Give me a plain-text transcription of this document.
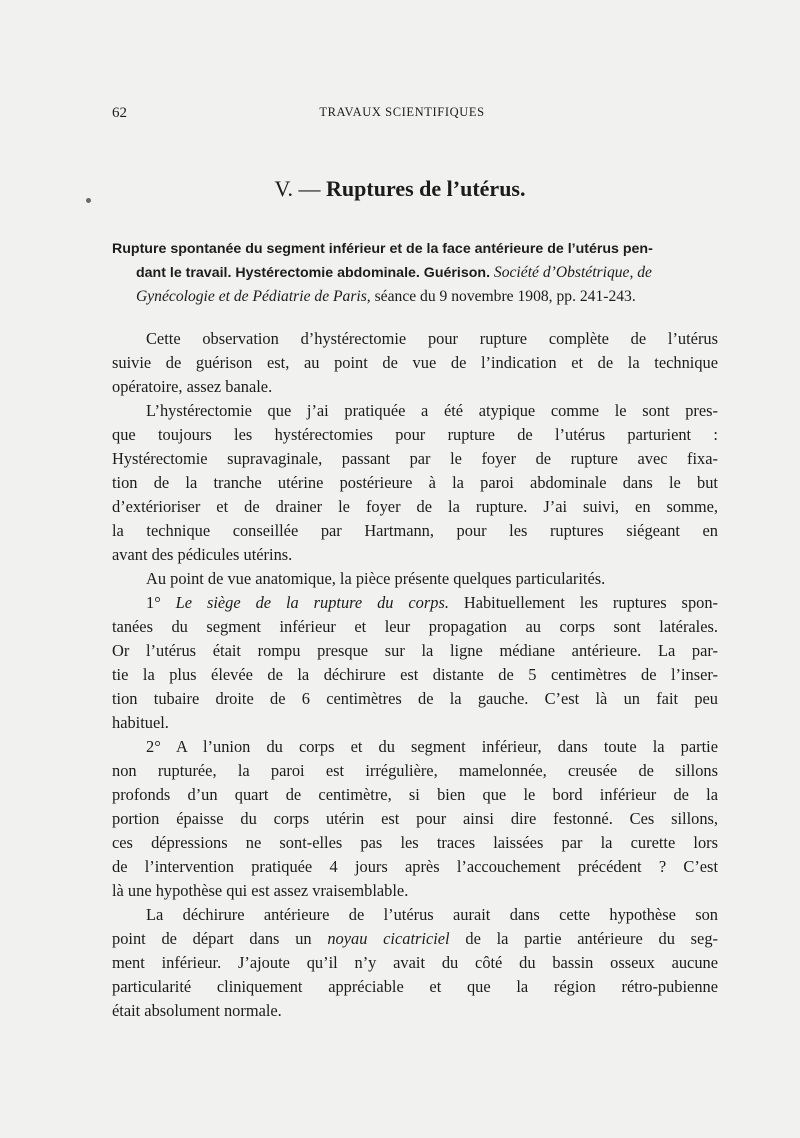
62	TRAVAUX SCIENTIFIQUES
V. — Ruptures de l’utérus.
Rupture spontanée du segment inférieur et de la face antérieure de l’utérus pen-
dant le travail. Hystérectomie abdominale. Guérison. Société d’Obstétrique, de
Gynécologie et de Pédiatrie de Paris, séance du 9 novembre 1908, pp. 241-243.
Cette observation d’hystérectomie pour rupture complète de l’utérus
suivie de guérison est, au point de vue de l’indication et de la technique
opératoire, assez banale.
L’hystérectomie que j’ai pratiquée a été atypique comme le sont pres-
que toujours les hystérectomies pour rupture de l’utérus parturient :
Hystérectomie supravaginale, passant par le foyer de rupture avec fixa-
tion de la tranche utérine postérieure à la paroi abdominale dans le but
d’extérioriser et de drainer le foyer de la rupture. J’ai suivi, en somme,
la technique conseillée par Hartmann, pour les ruptures siégeant en
avant des pédicules utérins.
Au point de vue anatomique, la pièce présente quelques particularités.
1° Le siège de la rupture du corps. Habituellement les ruptures spon-
tanées du segment inférieur et leur propagation au corps sont latérales.
Or l’utérus était rompu presque sur la ligne médiane antérieure. La par-
tie la plus élevée de la déchirure est distante de 5 centimètres de l’inser-
tion tubaire droite de 6 centimètres de la gauche. C’est là un fait peu
habituel.
2° A l’union du corps et du segment inférieur, dans toute la partie
non rupturée, la paroi est irrégulière, mamelonnée, creusée de sillons
profonds d’un quart de centimètre, si bien que le bord inférieur de la
portion épaisse du corps utérin est pour ainsi dire festonné. Ces sillons,
ces dépressions ne sont-elles pas les traces laissées par la curette lors
de l’intervention pratiquée 4 jours après l’accouchement précédent ? C’est
là une hypothèse qui est assez vraisemblable.
La déchirure antérieure de l’utérus aurait dans cette hypothèse son
point de départ dans un noyau cicatriciel de la partie antérieure du seg-
ment inférieur. J’ajoute qu’il n’y avait du côté du bassin osseux aucune
particularité cliniquement appréciable et que la région rétro-pubienne
était absolument normale.
